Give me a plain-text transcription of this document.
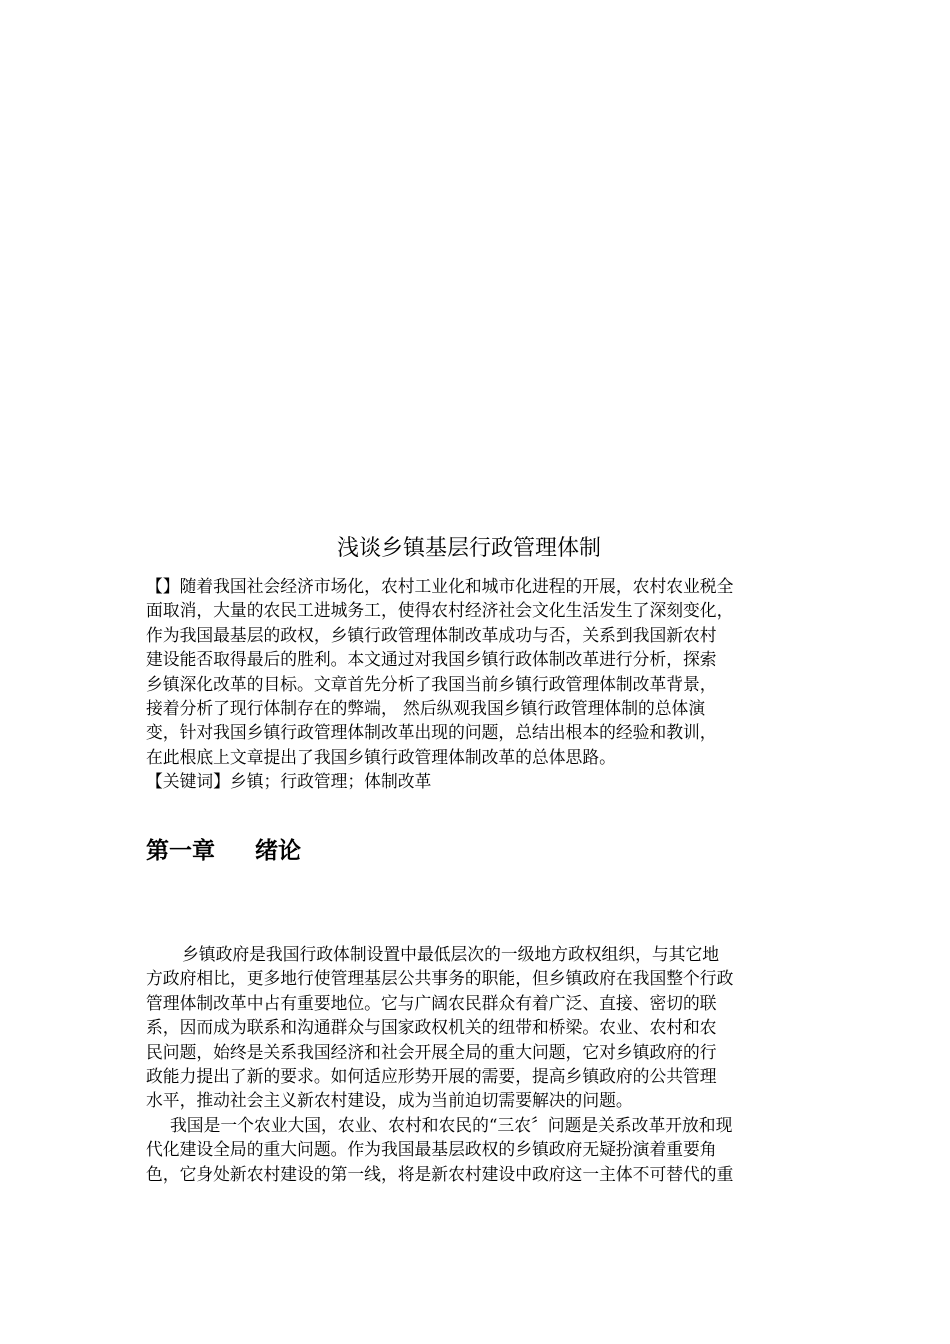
浅谈乡镇基层行政管理体制
【】随着我国社会经济市场化，农村工业化和城市化进程的开展，农村农业税全
面取消，大量的农民工进城务工，使得农村经济社会文化生活发生了深刻变化，
作为我国最基层的政权，乡镇行政管理体制改革成功与否，关系到我国新农村
建设能否取得最后的胜利。本文通过对我国乡镇行政体制改革进行分析，探索
乡镇深化改革的目标。文章首先分析了我国当前乡镇行政管理体制改革背景，
接着分析了现行体制存在的弊端， 然后纵观我国乡镇行政管理体制的总体演
变，针对我国乡镇行政管理体制改革出现的问题，总结出根本的经验和教训，
在此根底上文章提出了我国乡镇行政管理体制改革的总体思路。
【关键词】乡镇；行政管理；体制改革
第一章 绪论
乡镇政府是我国行政体制设置中最低层次的一级地方政权组织，与其它地
方政府相比，更多地行使管理基层公共事务的职能，但乡镇政府在我国整个行政
管理体制改革中占有重要地位。它与广阔农民群众有着广泛、直接、密切的联
系，因而成为联系和沟通群众与国家政权机关的纽带和桥梁。农业、农村和农
民问题，始终是关系我国经济和社会开展全局的重大问题，它对乡镇政府的行
政能力提出了新的要求。如何适应形势开展的需要，提高乡镇政府的公共管理
水平，推动社会主义新农村建设，成为当前迫切需要解决的问题。
我国是一个农业大国，农业、农村和农民的“三农〞问题是关系改革开放和现
代化建设全局的重大问题。作为我国最基层政权的乡镇政府无疑扮演着重要角
色，它身处新农村建设的第一线，将是新农村建设中政府这一主体不可替代的重
